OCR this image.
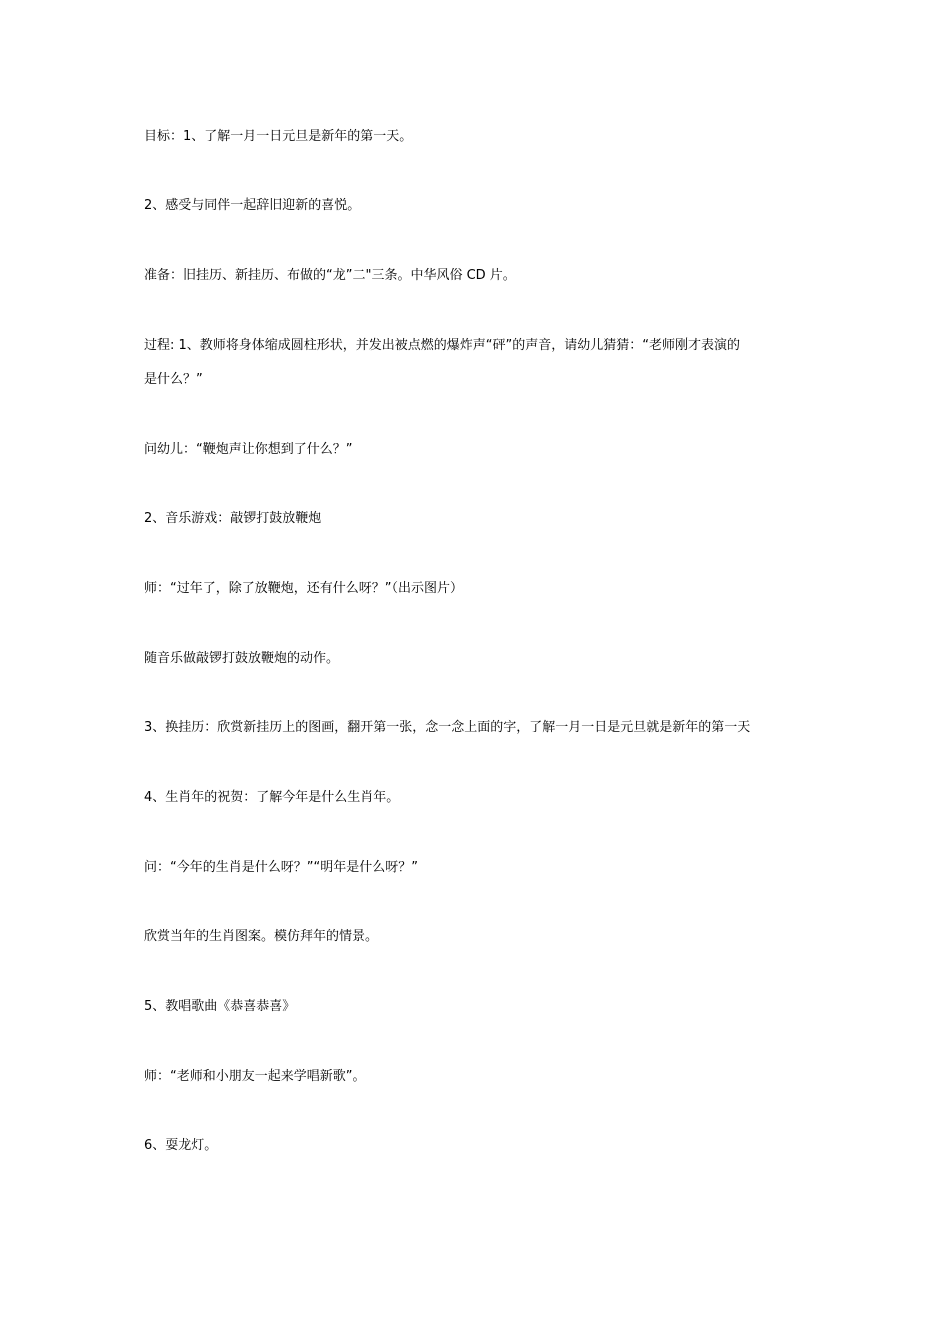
目标：1、了解一月一日元旦是新年的第一天。
2、感受与同伴一起辞旧迎新的喜悦。
准备：旧挂历、新挂历、布做的“龙”二"三条。中华风俗 CD 片。
过程: 1、教师将身体缩成圆柱形状，并发出被点燃的爆炸声“砰”的声音，请幼儿猜猜：“老师刚才表演的
是什么？”
问幼儿：“鞭炮声让你想到了什么？”
2、音乐游戏：敲锣打鼓放鞭炮
师：“过年了，除了放鞭炮，还有什么呀？”（出示图片）
随音乐做敲锣打鼓放鞭炮的动作。
3、换挂历：欣赏新挂历上的图画，翻开第一张，念一念上面的字，了解一月一日是元旦就是新年的第一天
4、生肖年的祝贺：了解今年是什么生肖年。
问：“今年的生肖是什么呀？”“明年是什么呀？”
欣赏当年的生肖图案。模仿拜年的情景。
5、教唱歌曲《恭喜恭喜》
师：“老师和小朋友一起来学唱新歌”。
6、耍龙灯。
